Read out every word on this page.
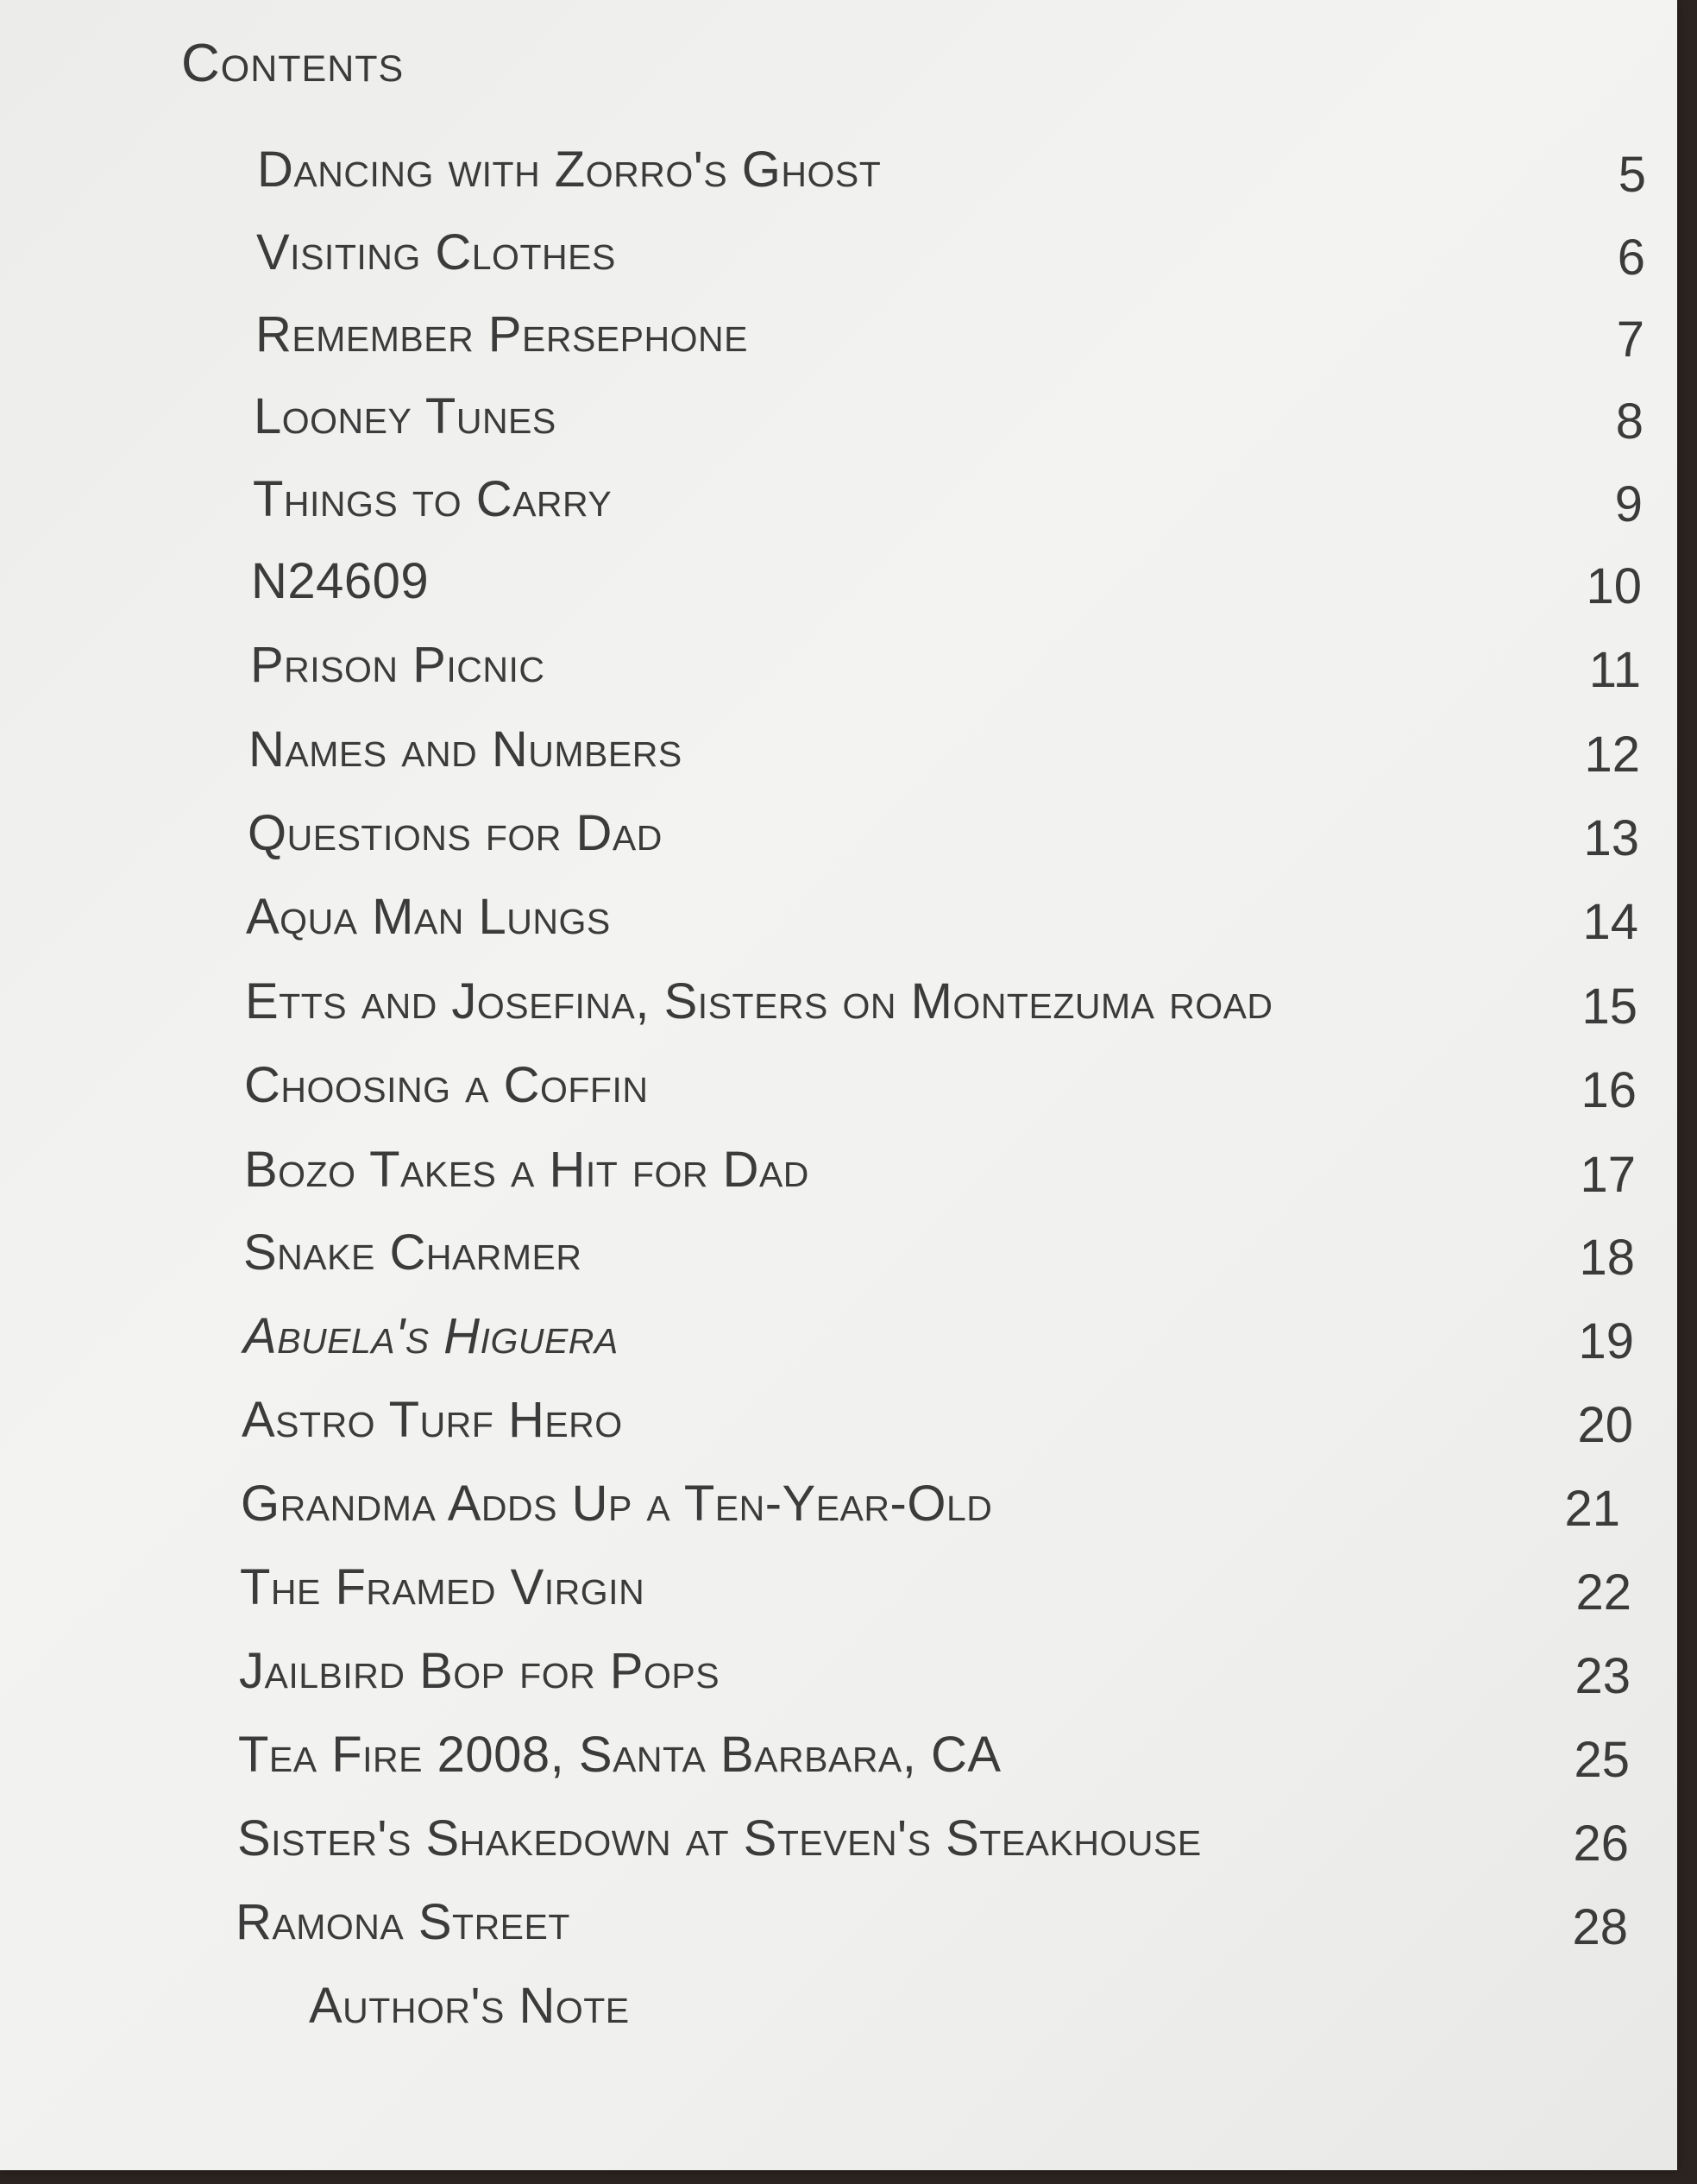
Contents
Dancing with Zorro's Ghost	5
Visiting Clothes	6
Remember Persephone	7
Looney Tunes	8
Things to Carry	9
N24609	10
Prison Picnic	11
Names and Numbers	12
Questions for Dad	13
Aqua Man Lungs	14
Etts and Josefina, Sisters on Montezuma road	15
Choosing a Coffin	16
Bozo Takes a Hit for Dad	17
Snake Charmer	18
Abuela's Higuera	19
Astro Turf Hero	20
Grandma Adds Up a Ten-Year-Old	21
The Framed Virgin	22
Jailbird Bop for Pops	23
Tea Fire 2008, Santa Barbara, CA	25
Sister's Shakedown at Steven's Steakhouse	26
Ramona Street	28
Author's Note
